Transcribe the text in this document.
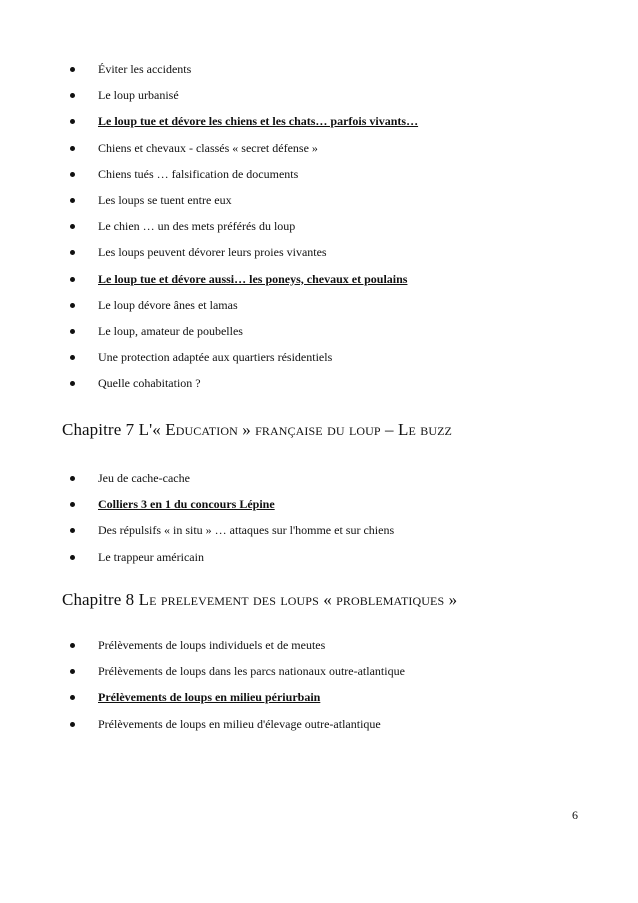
Éviter les accidents
Le loup urbanisé
Le loup tue et dévore les chiens et les chats… parfois vivants…
Chiens et chevaux - classés « secret défense »
Chiens tués … falsification de documents
Les loups se tuent entre eux
Le chien … un des mets préférés du loup
Les loups peuvent dévorer leurs proies vivantes
Le loup tue et dévore aussi… les poneys, chevaux et poulains
Le loup dévore ânes et lamas
Le loup, amateur de poubelles
Une protection adaptée aux quartiers résidentiels
Quelle cohabitation ?
Chapitre 7 L'« Education » française du loup – Le buzz
Jeu de cache-cache
Colliers 3 en 1 du concours Lépine
Des répulsifs « in situ » … attaques sur l'homme et sur chiens
Le trappeur américain
Chapitre 8 Le prelevement des loups « problematiques »
Prélèvements de loups individuels et de meutes
Prélèvements de loups dans les parcs nationaux outre-atlantique
Prélèvements de loups en milieu périurbain
Prélèvements de loups en milieu d'élevage outre-atlantique
6
